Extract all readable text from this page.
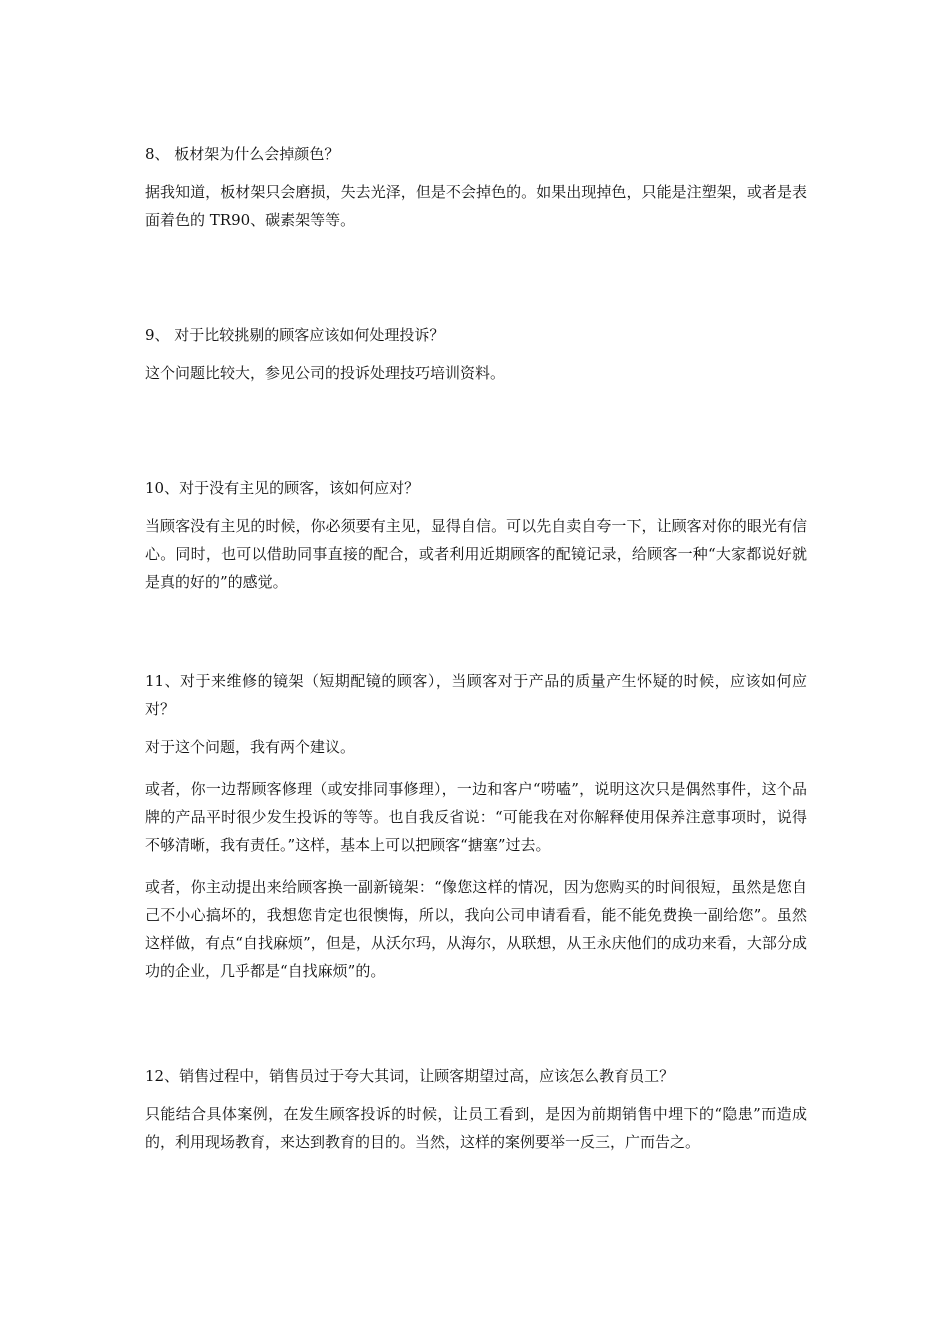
8、 板材架为什么会掉颜色？

据我知道，板材架只会磨损，失去光泽，但是不会掉色的。如果出现掉色，只能是注塑架，或者是表面着色的 TR90、碳素架等等。

9、 对于比较挑剔的顾客应该如何处理投诉？

这个问题比较大，参见公司的投诉处理技巧培训资料。

10、对于没有主见的顾客，该如何应对？

当顾客没有主见的时候，你必须要有主见，显得自信。可以先自卖自夸一下，让顾客对你的眼光有信心。同时，也可以借助同事直接的配合，或者利用近期顾客的配镜记录，给顾客一种“大家都说好就是真的好的”的感觉。

11、对于来维修的镜架（短期配镜的顾客），当顾客对于产品的质量产生怀疑的时候，应该如何应对？

对于这个问题，我有两个建议。

或者，你一边帮顾客修理（或安排同事修理），一边和客户“唠嗑”，说明这次只是偶然事件，这个品牌的产品平时很少发生投诉的等等。也自我反省说：“可能我在对你解释使用保养注意事项时，说得不够清晰，我有责任。”这样，基本上可以把顾客“搪塞”过去。

或者，你主动提出来给顾客换一副新镜架：“像您这样的情况，因为您购买的时间很短，虽然是您自己不小心搞坏的，我想您肯定也很懊悔，所以，我向公司申请看看，能不能免费换一副给您”。虽然这样做，有点“自找麻烦”，但是，从沃尔玛，从海尔，从联想，从王永庆他们的成功来看，大部分成功的企业，几乎都是“自找麻烦”的。

12、销售过程中，销售员过于夸大其词，让顾客期望过高，应该怎么教育员工？

只能结合具体案例，在发生顾客投诉的时候，让员工看到，是因为前期销售中埋下的“隐患”而造成的，利用现场教育，来达到教育的目的。当然，这样的案例要举一反三，广而告之。
